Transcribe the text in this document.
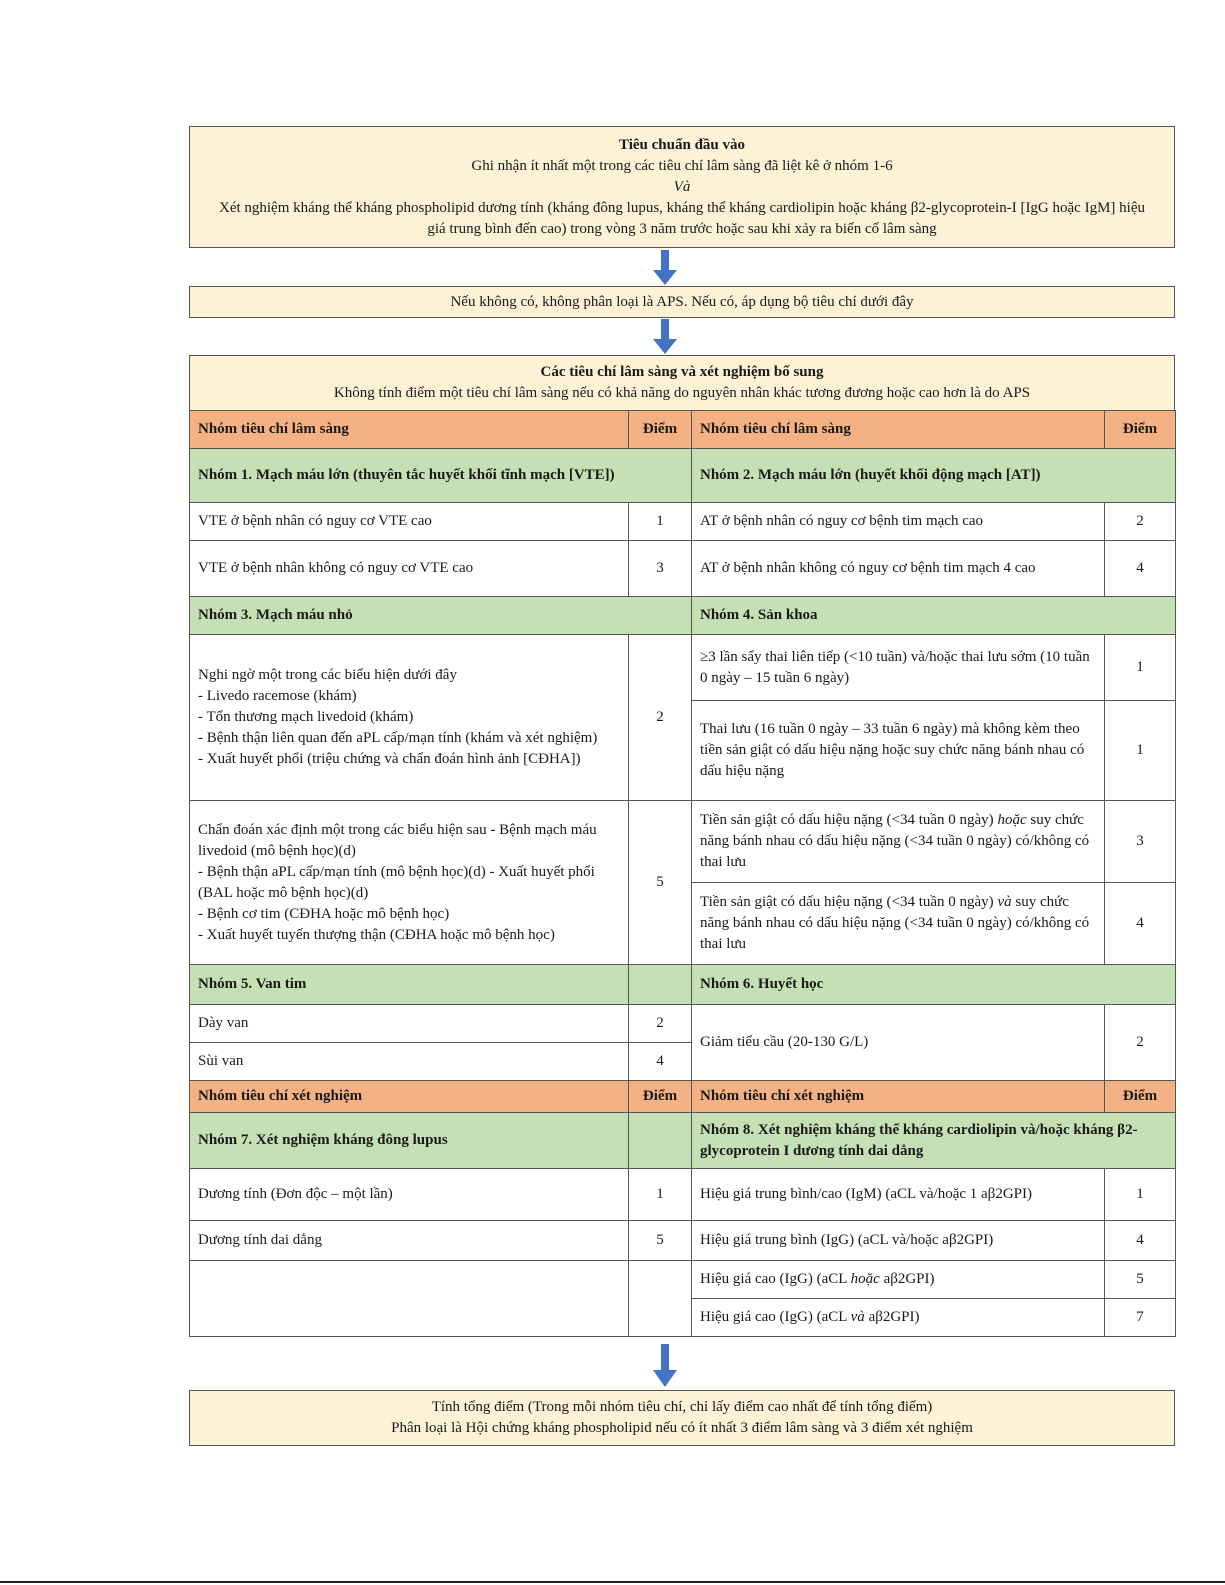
Tiêu chuẩn đầu vào
Ghi nhận ít nhất một trong các tiêu chí lâm sàng đã liệt kê ở nhóm 1-6
Và
Xét nghiệm kháng thể kháng phospholipid dương tính (kháng đông lupus, kháng thể kháng cardiolipin hoặc kháng β2-glycoprotein-I [IgG hoặc IgM] hiệu giá trung bình đến cao) trong vòng 3 năm trước hoặc sau khi xảy ra biến cố lâm sàng
Nếu không có, không phân loại là APS. Nếu có, áp dụng bộ tiêu chí dưới đây
Các tiêu chí lâm sàng và xét nghiệm bổ sung
Không tính điểm một tiêu chí lâm sàng nếu có khả năng do nguyên nhân khác tương đương hoặc cao hơn là do APS
Nhóm tiêu chí lâm sàng	Điểm	Nhóm tiêu chí lâm sàng	Điểm
Nhóm 1. Mạch máu lớn (thuyên tắc huyết khối tĩnh mạch [VTE])		Nhóm 2. Mạch máu lớn (huyết khối động mạch [AT])	
VTE ở bệnh nhân có nguy cơ VTE cao	1	AT ở bệnh nhân có nguy cơ bệnh tim mạch cao	2
VTE ở bệnh nhân không có nguy cơ VTE cao	3	AT ở bệnh nhân không có nguy cơ bệnh tim mạch 4 cao	4
Nhóm 3. Mạch máu nhỏ		Nhóm 4. Sản khoa	
Nghi ngờ một trong các biểu hiện dưới đây
- Livedo racemose (khám)
- Tổn thương mạch livedoid (khám)
- Bệnh thận liên quan đến aPL cấp/mạn tính (khám và xét nghiệm)
- Xuất huyết phổi (triệu chứng và chẩn đoán hình ảnh [CĐHA])	2	≥3 lần sẩy thai liên tiếp (<10 tuần) và/hoặc thai lưu sớm (10 tuần 0 ngày – 15 tuần 6 ngày)	1
		Thai lưu (16 tuần 0 ngày – 33 tuần 6 ngày) mà không kèm theo tiền sản giật có dấu hiệu nặng hoặc suy chức năng bánh nhau có dấu hiệu nặng	1
Chẩn đoán xác định một trong các biểu hiện sau - Bệnh mạch máu livedoid (mô bệnh học)(d)
- Bệnh thận aPL cấp/mạn tính (mô bệnh học)(d) - Xuất huyết phổi (BAL hoặc mô bệnh học)(d)
- Bệnh cơ tim (CĐHA hoặc mô bệnh học)
- Xuất huyết tuyến thượng thận (CĐHA hoặc mô bệnh học)	5	Tiền sản giật có dấu hiệu nặng (<34 tuần 0 ngày) hoặc suy chức năng bánh nhau có dấu hiệu nặng (<34 tuần 0 ngày) có/không có thai lưu	3
		Tiền sản giật có dấu hiệu nặng (<34 tuần 0 ngày) và suy chức năng bánh nhau có dấu hiệu nặng (<34 tuần 0 ngày) có/không có thai lưu	4
Nhóm 5. Van tim		Nhóm 6. Huyết học	
Dày van	2	Giảm tiểu cầu (20-130 G/L)	2
Sùi van	4		
Nhóm tiêu chí xét nghiệm	Điểm	Nhóm tiêu chí xét nghiệm	Điểm
Nhóm 7. Xét nghiệm kháng đông lupus		Nhóm 8. Xét nghiệm kháng thể kháng cardiolipin và/hoặc kháng β2-glycoprotein I dương tính dai dẳng	
Dương tính (Đơn độc – một lần)	1	Hiệu giá trung bình/cao (IgM) (aCL và/hoặc 1 aβ2GPI)	1
Dương tính dai dẳng	5	Hiệu giá trung bình (IgG) (aCL và/hoặc aβ2GPI)	4
		Hiệu giá cao (IgG) (aCL hoặc aβ2GPI)	5
		Hiệu giá cao (IgG) (aCL và aβ2GPI)	7
Tính tổng điểm (Trong mỗi nhóm tiêu chí, chỉ lấy điểm cao nhất để tính tổng điểm)
Phân loại là Hội chứng kháng phospholipid nếu có ít nhất 3 điểm lâm sàng và 3 điểm xét nghiệm
